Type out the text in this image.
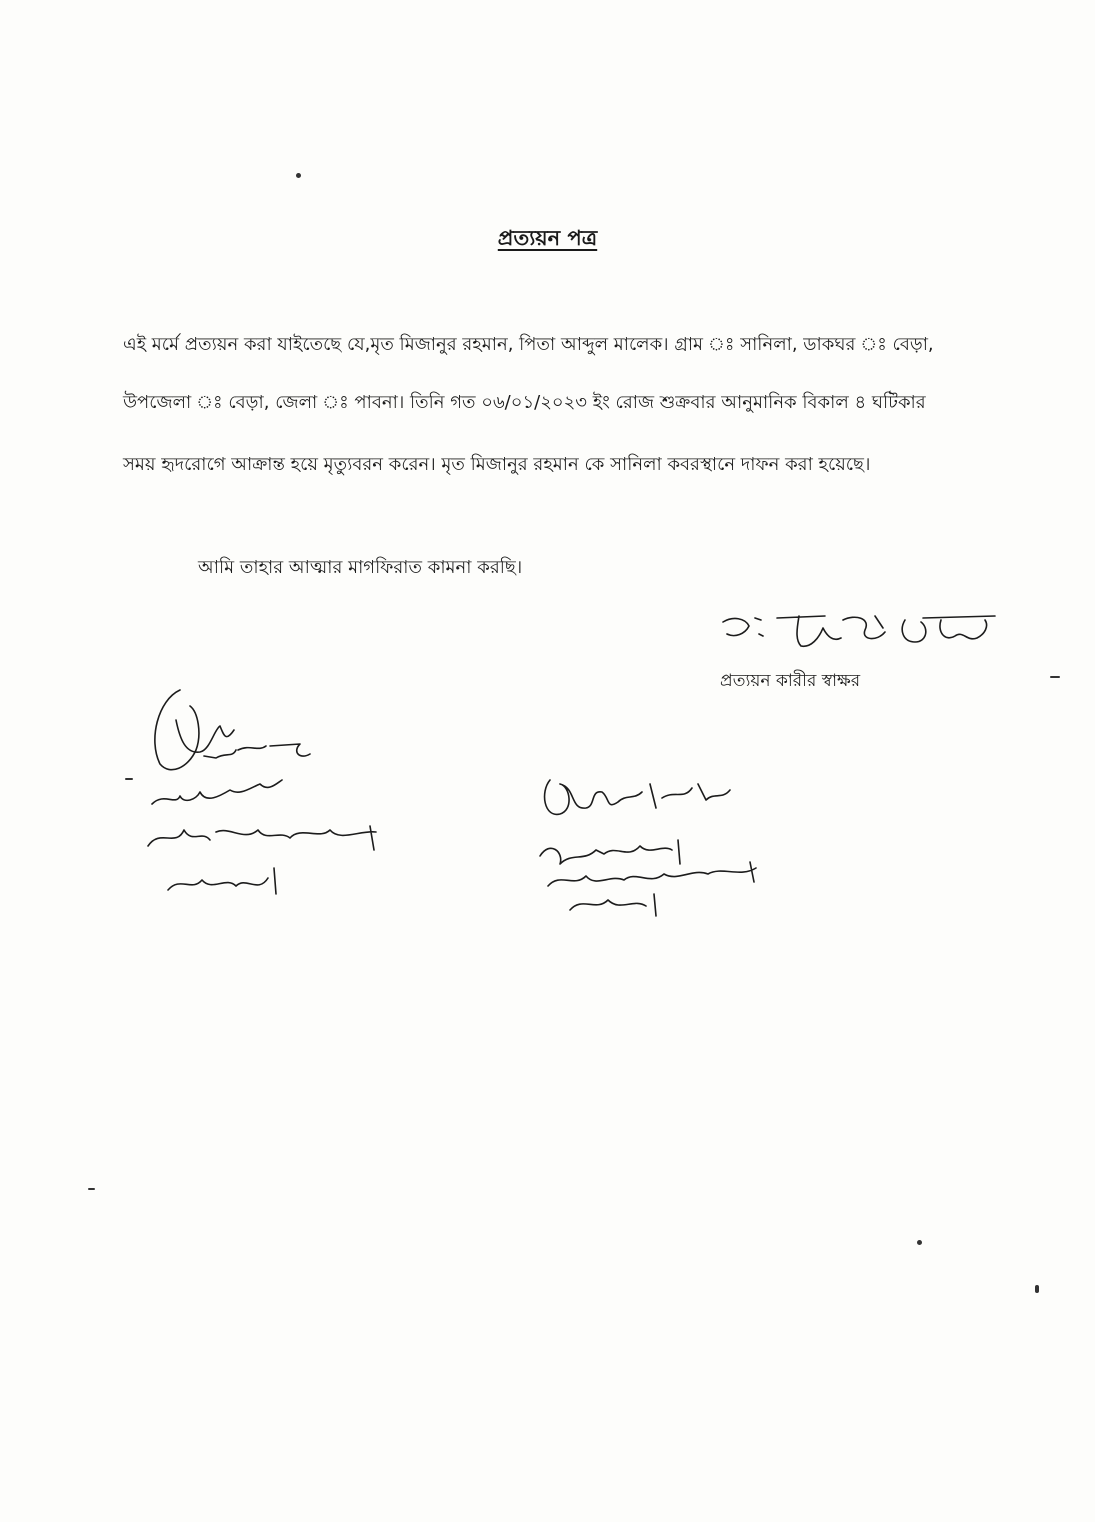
প্রত্যয়ন পত্র
এই মর্মে প্রত্যয়ন করা যাইতেছে যে,মৃত মিজানুর রহমান, পিতা আব্দুল মালেক। গ্রাম ঃ সানিলা, ডাকঘর ঃ বেড়া,
উপজেলা ঃ বেড়া, জেলা ঃ পাবনা। তিনি গত ০৬/০১/২০২৩ ইং রোজ শুক্রবার আনুমানিক বিকাল ৪ ঘটিকার
সময় হৃদরোগে আক্রান্ত হয়ে মৃত্যুবরন করেন। মৃত মিজানুর রহমান কে সানিলা কবরস্থানে দাফন করা হয়েছে।
আমি তাহার আত্মার মাগফিরাত কামনা করছি।
প্রত্যয়ন কারীর স্বাক্ষর
